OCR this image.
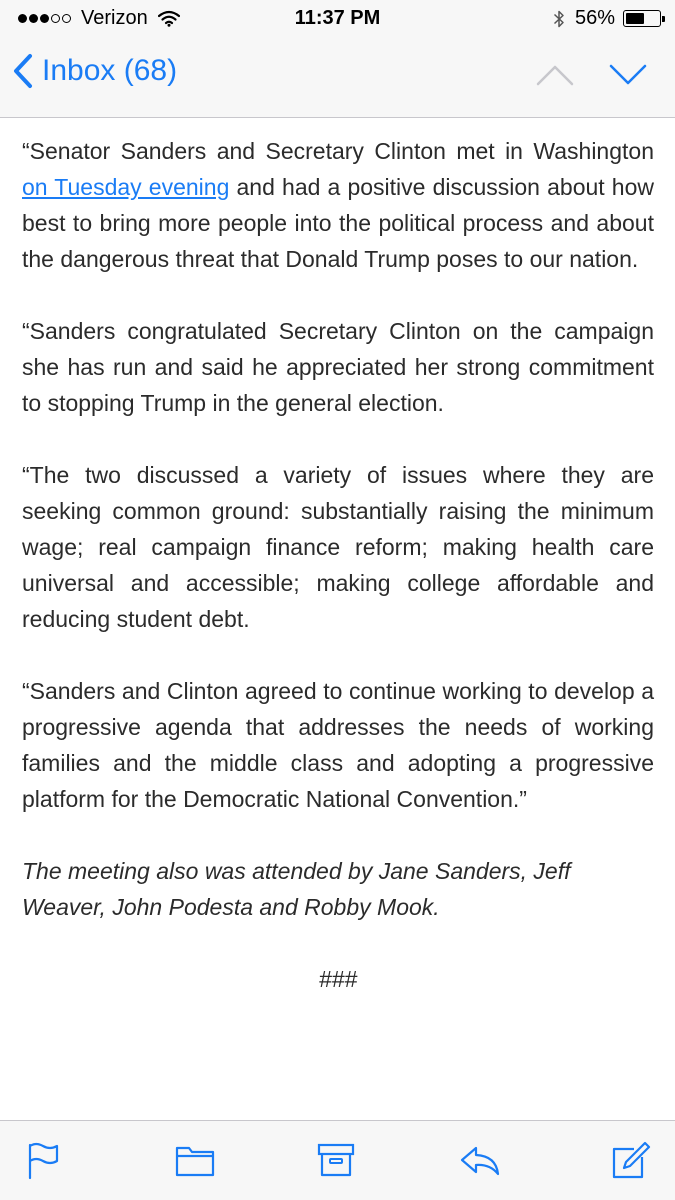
Verizon	11:37 PM	56%
Inbox (68)

“Senator Sanders and Secretary Clinton met in Washington on Tuesday evening and had a positive discussion about how best to bring more people into the political process and about the dangerous threat that Donald Trump poses to our nation.

“Sanders congratulated Secretary Clinton on the campaign she has run and said he appreciated her strong commitment to stopping Trump in the general election.

“The two discussed a variety of issues where they are seeking common ground: substantially raising the minimum wage; real campaign finance reform; making health care universal and accessible; making college affordable and reducing student debt.

“Sanders and Clinton agreed to continue working to develop a progressive agenda that addresses the needs of working families and the middle class and adopting a progressive platform for the Democratic National Convention.”

The meeting also was attended by Jane Sanders, Jeff Weaver, John Podesta and Robby Mook.

###
